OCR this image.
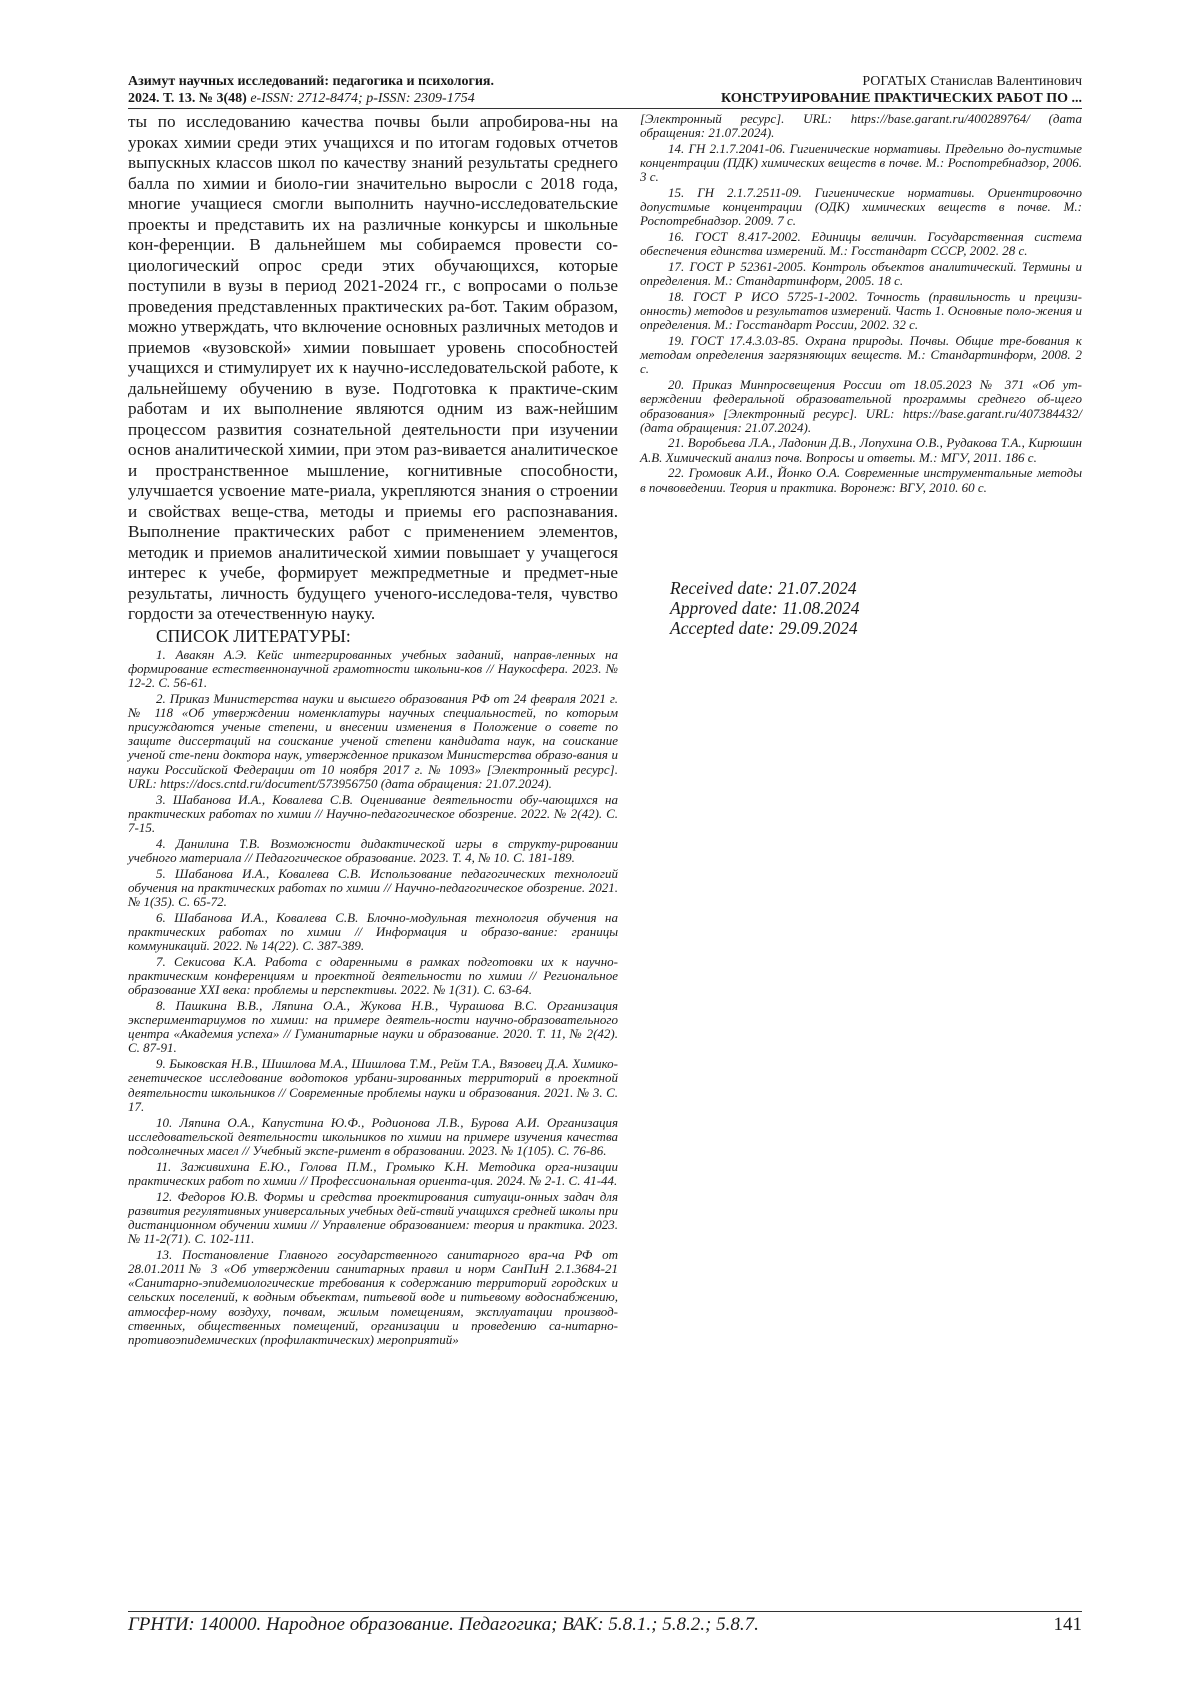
Азимут научных исследований: педагогика и психология.
2024. Т. 13. № 3(48) e-ISSN: 2712-8474; p-ISSN: 2309-1754
РОГАТЫХ Станислав Валентинович
КОНСТРУИРОВАНИЕ ПРАКТИЧЕСКИХ РАБОТ ПО ...

ты по исследованию качества почвы были апробирова-ны на уроках химии среди этих учащихся и по итогам годовых отчетов выпускных классов школ по качеству знаний результаты среднего балла по химии и биоло-гии значительно выросли с 2018 года, многие учащиеся смогли выполнить научно-исследовательские проекты и представить их на различные конкурсы и школьные кон-ференции. В дальнейшем мы собираемся провести со-циологический опрос среди этих обучающихся, которые поступили в вузы в период 2021-2024 гг., с вопросами о пользе проведения представленных практических ра-бот. Таким образом, можно утверждать, что включение основных различных методов и приемов «вузовской» химии повышает уровень способностей учащихся и стимулирует их к научно-исследовательской работе, к дальнейшему обучению в вузе. Подготовка к практиче-ским работам и их выполнение являются одним из важ-нейшим процессом развития сознательной деятельности при изучении основ аналитической химии, при этом раз-вивается аналитическое и пространственное мышление, когнитивные способности, улучшается усвоение мате-риала, укрепляются знания о строении и свойствах веще-ства, методы и приемы его распознавания. Выполнение практических работ с применением элементов, методик и приемов аналитической химии повышает у учащегося интерес к учебе, формирует межпредметные и предмет-ные результаты, личность будущего ученого-исследова-теля, чувство гордости за отечественную науку.

СПИСОК ЛИТЕРАТУРЫ:

1. Авакян А.Э. Кейс интегрированных учебных заданий, направ-ленных на формирование естественнонаучной грамотности школьни-ков // Наукосфера. 2023. № 12-2. С. 56-61.

2. Приказ Министерства науки и высшего образования РФ от 24 февраля 2021 г. № 118 «Об утверждении номенклатуры научных специальностей, по которым присуждаются ученые степени, и внесении изменения в Положение о совете по защите диссертаций на соискание ученой степени кандидата наук, на соискание ученой сте-пени доктора наук, утвержденное приказом Министерства образо-вания и науки Российской Федерации от 10 ноября 2017 г. № 1093» [Электронный ресурс]. URL: https://docs.cntd.ru/document/573956750 (дата обращения: 21.07.2024).

3. Шабанова И.А., Ковалева С.В. Оценивание деятельности обу-чающихся на практических работах по химии // Научно-педагогическое обозрение. 2022. № 2(42). С. 7-15.

4. Данилина Т.В. Возможности дидактической игры в структу-рировании учебного материала // Педагогическое образование. 2023. Т. 4, № 10. С. 181-189.

5. Шабанова И.А., Ковалева С.В. Использование педагогических технологий обучения на практических работах по химии // Научно-педагогическое обозрение. 2021. № 1(35). С. 65-72.

6. Шабанова И.А., Ковалева С.В. Блочно-модульная технология обучения на практических работах по химии // Информация и образо-вание: границы коммуникаций. 2022. № 14(22). С. 387-389.

7. Секисова К.А. Работа с одаренными в рамках подготовки их к научно-практическим конференциям и проектной деятельности по химии // Региональное образование XXI века: проблемы и перспективы. 2022. № 1(31). С. 63-64.

8. Пашкина В.В., Ляпина О.А., Жукова Н.В., Чурашова В.С. Организация экспериментариумов по химии: на примере деятель-ности научно-образовательного центра «Академия успеха» // Гуманитарные науки и образование. 2020. Т. 11, № 2(42). С. 87-91.

9. Быковская Н.В., Шишлова М.А., Шишлова Т.М., Рейм Т.А., Вязовец Д.А. Химико-генетическое исследование водотоков урбани-зированных территорий в проектной деятельности школьников // Современные проблемы науки и образования. 2021. № 3. С. 17.

10. Ляпина О.А., Капустина Ю.Ф., Родионова Л.В., Бурова А.И. Организация исследовательской деятельности школьников по химии на примере изучения качества подсолнечных масел // Учебный экспе-римент в образовании. 2023. № 1(105). С. 76-86.

11. Заживихина Е.Ю., Голова П.М., Громыко К.Н. Методика орга-низации практических работ по химии // Профессиональная ориента-ция. 2024. № 2-1. С. 41-44.

12. Федоров Ю.В. Формы и средства проектирования ситуаци-онных задач для развития регулятивных универсальных учебных дей-ствий учащихся средней школы при дистанционном обучении химии // Управление образованием: теория и практика. 2023. № 11-2(71). С. 102-111.

13. Постановление Главного государственного санитарного вра-ча РФ от 28.01.2011№ 3 «Об утверждении санитарных правил и норм СанПиН 2.1.3684-21 «Санитарно-эпидемиологические требования к содержанию территорий городских и сельских поселений, к водным объектам, питьевой воде и питьевому водоснабжению, атмосфер-ному воздуху, почвам, жилым помещениям, эксплуатации производ-ственных, общественных помещений, организации и проведению са-нитарно-противоэпидемических (профилактических) мероприятий»

[Электронный ресурс]. URL: https://base.garant.ru/400289764/ (дата обращения: 21.07.2024).

14. ГН 2.1.7.2041-06. Гигиенические нормативы. Предельно до-пустимые концентрации (ПДК) химических веществ в почве. М.: Роспотребнадзор, 2006. 3 с.

15. ГН 2.1.7.2511-09. Гигиенические нормативы. Ориентировочно допустимые концентрации (ОДК) химических веществ в почве. М.: Роспотребнадзор. 2009. 7 с.

16. ГОСТ 8.417-2002. Единицы величин. Государственная система обеспечения единства измерений. М.: Госстандарт СССР, 2002. 28 с.

17. ГОСТ Р 52361-2005. Контроль объектов аналитический. Термины и определения. М.: Стандартинформ, 2005. 18 с.

18. ГОСТ Р ИСО 5725-1-2002. Точность (правильность и прецизи-онность) методов и результатов измерений. Часть 1. Основные поло-жения и определения. М.: Госстандарт России, 2002. 32 с.

19. ГОСТ 17.4.3.03-85. Охрана природы. Почвы. Общие тре-бования к методам определения загрязняющих веществ. М.: Стандартинформ, 2008. 2 с.

20. Приказ Минпросвещения России от 18.05.2023 № 371 «Об ут-верждении федеральной образовательной программы среднего об-щего образования» [Электронный ресурс]. URL: https://base.garant.ru/407384432/ (дата обращения: 21.07.2024).

21. Воробьева Л.А., Ладонин Д.В., Лопухина О.В., Рудакова Т.А., Кирюшин А.В. Химический анализ почв. Вопросы и ответы. М.: МГУ, 2011. 186 с.

22. Громовик А.И., Йонко О.А. Современные инструментальные методы в почвоведении. Теория и практика. Воронеж: ВГУ, 2010. 60 с.

Received date: 21.07.2024
Approved date: 11.08.2024
Accepted date: 29.09.2024
ГРНТИ: 140000. Народное образование. Педагогика; ВАК: 5.8.1.; 5.8.2.; 5.8.7.	141
